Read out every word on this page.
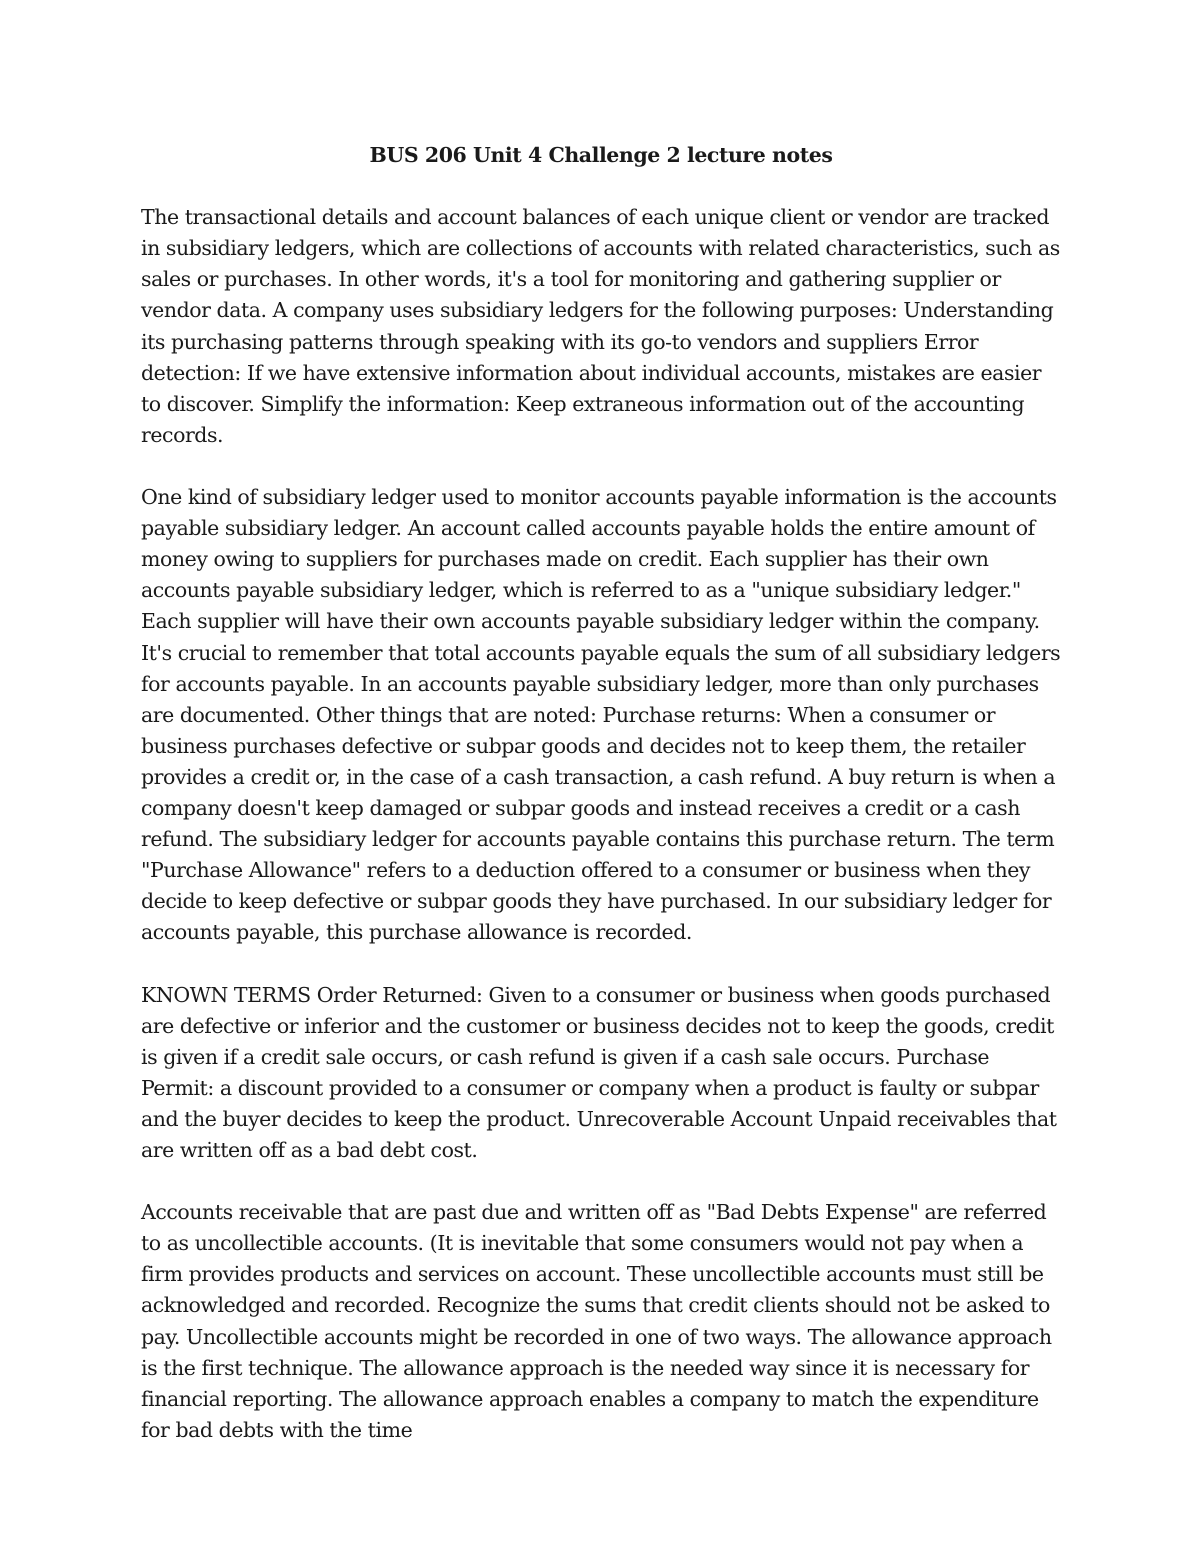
BUS 206 Unit 4 Challenge 2 lecture notes

The transactional details and account balances of each unique client or vendor are tracked in subsidiary ledgers, which are collections of accounts with related characteristics, such as sales or purchases. In other words, it's a tool for monitoring and gathering supplier or vendor data. A company uses subsidiary ledgers for the following purposes: Understanding its purchasing patterns through speaking with its go-to vendors and suppliers Error detection: If we have extensive information about individual accounts, mistakes are easier to discover. Simplify the information: Keep extraneous information out of the accounting records.

One kind of subsidiary ledger used to monitor accounts payable information is the accounts payable subsidiary ledger. An account called accounts payable holds the entire amount of money owing to suppliers for purchases made on credit. Each supplier has their own accounts payable subsidiary ledger, which is referred to as a "unique subsidiary ledger." Each supplier will have their own accounts payable subsidiary ledger within the company. It's crucial to remember that total accounts payable equals the sum of all subsidiary ledgers for accounts payable. In an accounts payable subsidiary ledger, more than only purchases are documented. Other things that are noted: Purchase returns: When a consumer or business purchases defective or subpar goods and decides not to keep them, the retailer provides a credit or, in the case of a cash transaction, a cash refund. A buy return is when a company doesn't keep damaged or subpar goods and instead receives a credit or a cash refund. The subsidiary ledger for accounts payable contains this purchase return. The term "Purchase Allowance" refers to a deduction offered to a consumer or business when they decide to keep defective or subpar goods they have purchased. In our subsidiary ledger for accounts payable, this purchase allowance is recorded.

KNOWN TERMS Order Returned: Given to a consumer or business when goods purchased are defective or inferior and the customer or business decides not to keep the goods, credit is given if a credit sale occurs, or cash refund is given if a cash sale occurs. Purchase Permit: a discount provided to a consumer or company when a product is faulty or subpar and the buyer decides to keep the product. Unrecoverable Account Unpaid receivables that are written off as a bad debt cost.

Accounts receivable that are past due and written off as "Bad Debts Expense" are referred to as uncollectible accounts. (It is inevitable that some consumers would not pay when a firm provides products and services on account. These uncollectible accounts must still be acknowledged and recorded. Recognize the sums that credit clients should not be asked to pay. Uncollectible accounts might be recorded in one of two ways. The allowance approach is the first technique. The allowance approach is the needed way since it is necessary for financial reporting. The allowance approach enables a company to match the expenditure for bad debts with the time
